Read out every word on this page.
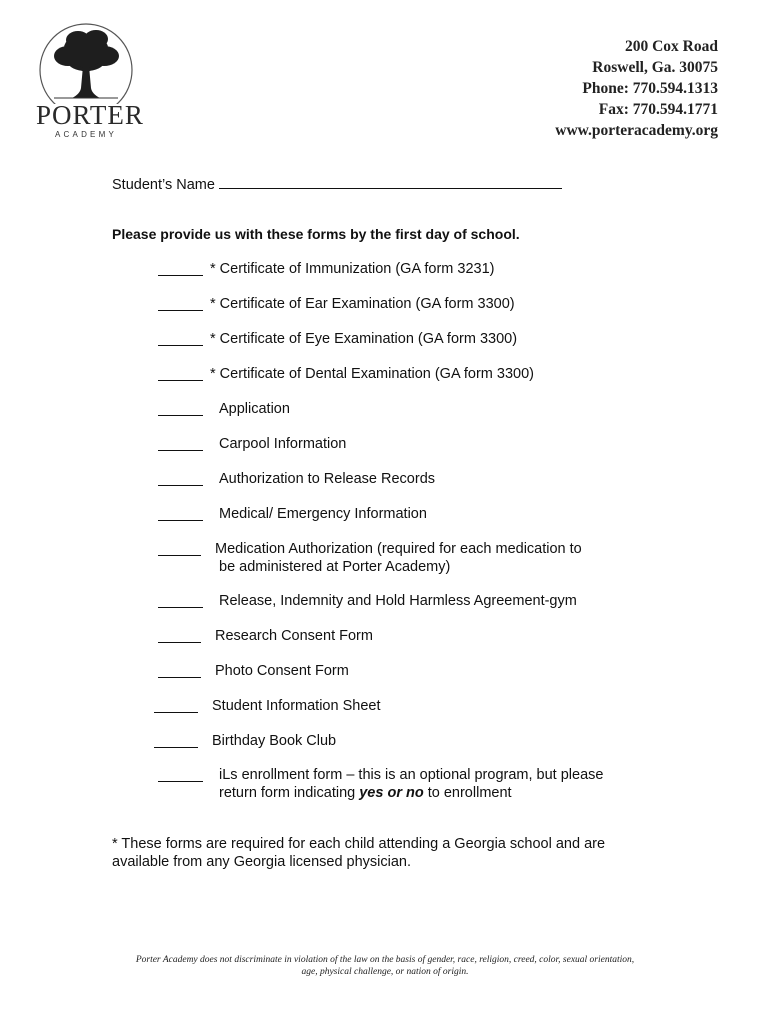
PORTER
ACADEMY
200 Cox Road
Roswell, Ga. 30075
Phone: 770.594.1313
Fax: 770.594.1771
www.porteracademy.org
Student’s Name
Please provide us with these forms by the first day of school.
* Certificate of Immunization (GA form 3231)
* Certificate of Ear Examination (GA form 3300)
* Certificate of Eye Examination (GA form 3300)
* Certificate of Dental Examination (GA form 3300)
Application
Carpool Information
Authorization to Release Records
Medical/ Emergency Information
Medication Authorization (required for each medication to
be administered at Porter Academy)
Release, Indemnity and Hold Harmless Agreement-gym
Research Consent Form
Photo Consent Form
Student Information Sheet
Birthday Book Club
iLs enrollment form – this is an optional program, but please
return form indicating yes or no to enrollment
* These forms are required for each child attending a Georgia school and are
available from any Georgia licensed physician.
Porter Academy does not discriminate in violation of the law on the basis of gender, race, religion, creed, color, sexual orientation,
age, physical challenge, or nation of origin.
